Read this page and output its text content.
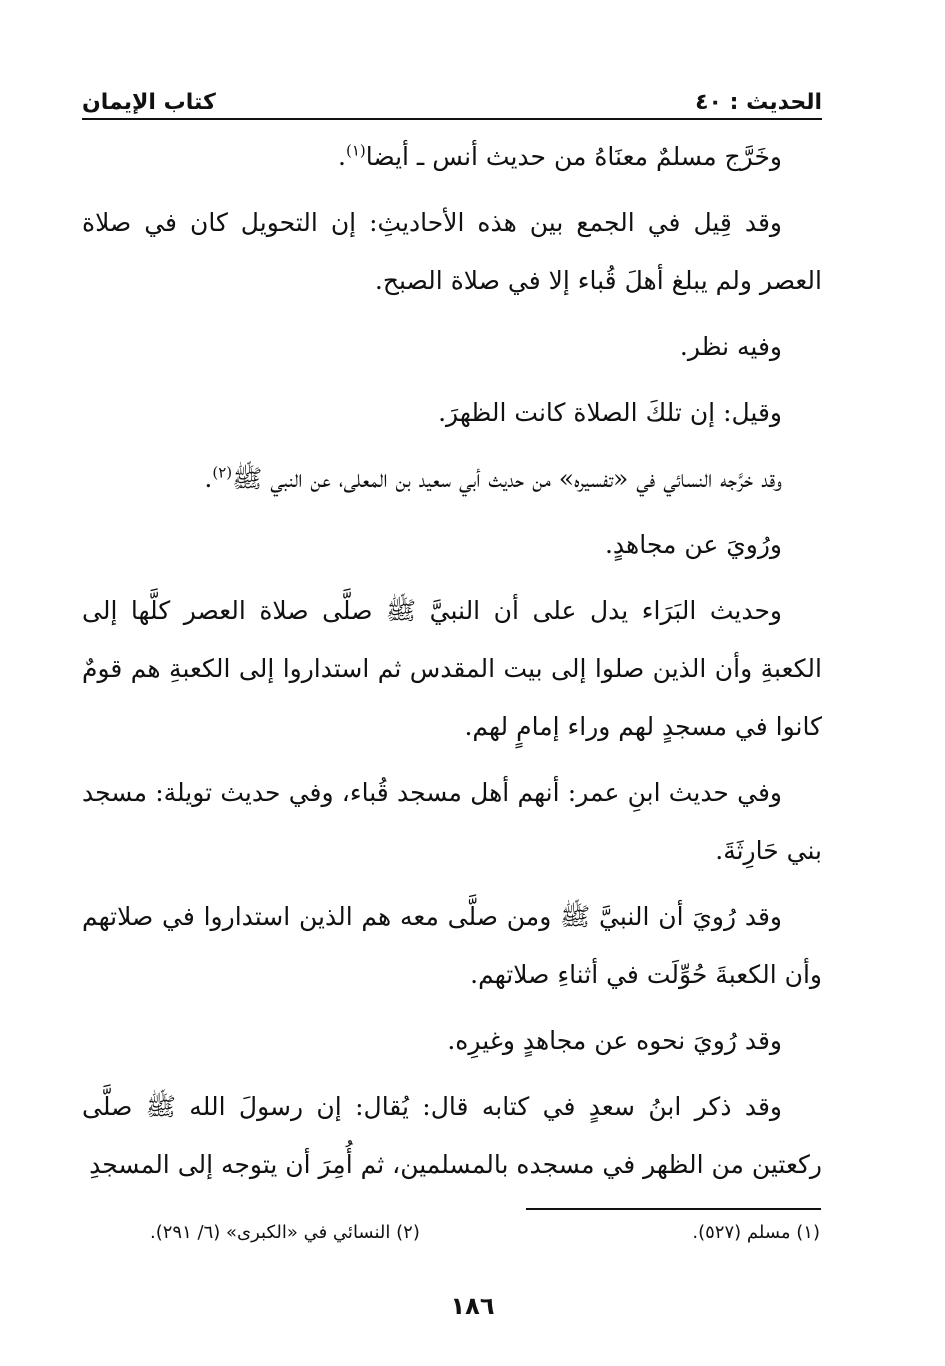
الحديث : ٤٠
كتاب الإيمان

وخَرَّج مسلمٌ معنَاهُ من حديث أنس ـ أيضا$^{(١)}$.

وقد قِيل في الجمع بين هذه الأحاديثِ: إن التحويل كان في صلاة العصر ولم يبلغ أهلَ قُباء إلا في صلاة الصبح.

وفيه نظر.

وقيل: إن تلكَ الصلاة كانت الظهرَ.

وقد خرَّجه النسائي في «تفسيره» من حديث أبي سعيد بن المعلى، عن النبي ﷺ$^{(٢)}$.

ورُويَ عن مجاهدٍ.

وحديث البَرَاء يدل على أن النبيَّ ﷺ صلَّى صلاة العصر كلَّها إلى الكعبةِ وأن الذين صلوا إلى بيت المقدس ثم استداروا إلى الكعبةِ هم قومٌ كانوا في مسجدٍ لهم وراء إمامٍ لهم.

وفي حديث ابنِ عمر: أنهم أهل مسجد قُباء، وفي حديث تويلة: مسجد بني حَارِثَةَ.

وقد رُويَ أن النبيَّ ﷺ ومن صلَّى معه هم الذين استداروا في صلاتهم وأن الكعبةَ حُوِّلَت في أثناءِ صلاتهم.

وقد رُويَ نحوه عن مجاهدٍ وغيرِه.

وقد ذكر ابنُ سعدٍ في كتابه قال: يُقال: إن رسولَ الله ﷺ صلَّى ركعتين من الظهر في مسجده بالمسلمين، ثم أُمِرَ أن يتوجه إلى المسجدِ

(١) مسلم (٥٢٧).
(٢) النسائي في «الكبرى» (٦/ ٢٩١).
١٨٦
